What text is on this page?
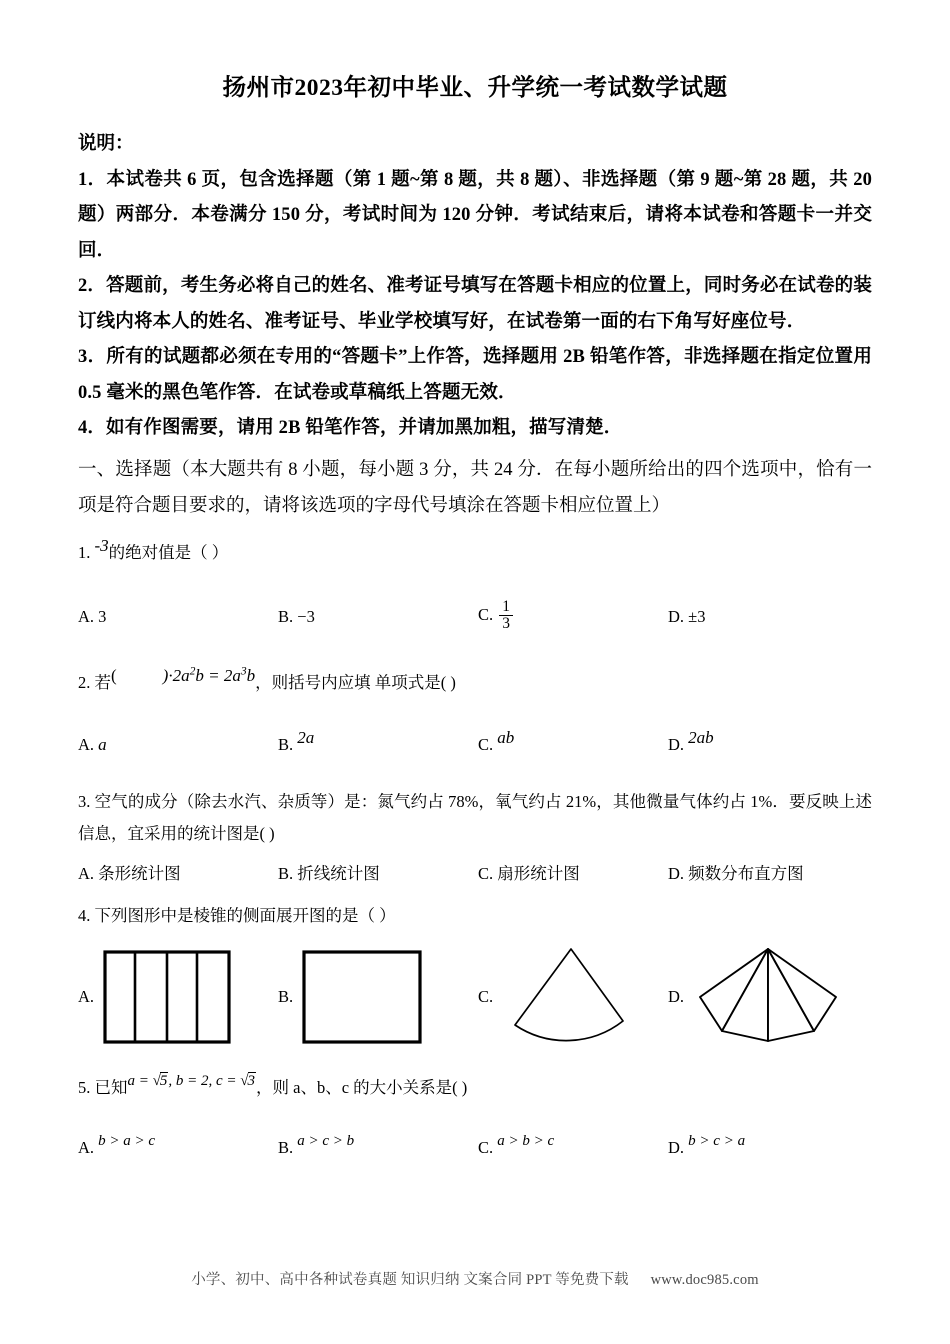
扬州市2023年初中毕业、升学统一考试数学试题
说明：
1．本试卷共 6 页，包含选择题（第 1 题~第 8 题，共 8 题）、非选择题（第 9 题~第 28 题，共 20 题）两部分．本卷满分 150 分，考试时间为 120 分钟．考试结束后，请将本试卷和答题卡一并交回．
2．答题前，考生务必将自己的姓名、准考证号填写在答题卡相应的位置上，同时务必在试卷的装订线内将本人的姓名、准考证号、毕业学校填写好，在试卷第一面的右下角写好座位号．
3．所有的试题都必须在专用的“答题卡”上作答，选择题用 2B 铅笔作答，非选择题在指定位置用 0.5 毫米的黑色笔作答．在试卷或草稿纸上答题无效．
4．如有作图需要，请用 2B 铅笔作答，并请加黑加粗，描写清楚．
一、选择题（本大题共有 8 小题，每小题 3 分，共 24 分．在每小题所给出的四个选项中，恰有一项是符合题目要求的，请将该选项的字母代号填涂在答题卡相应位置上）
1. -3的绝对值是（ ）
A. 3	B. −3	C. $\frac{1}{3}$	D. ±3
2. 若(	)$\cdot 2a^2b = 2a^3b$，则括号内应填 单项式是( )
A. a	B. 2a	C. ab	D. 2ab
3. 空气的成分（除去水汽、杂质等）是：氮气约占 78%，氧气约占 21%，其他微量气体约占 1%．要反映上述信息，宜采用的统计图是( )
A. 条形统计图	B. 折线统计图	C. 扇形统计图	D. 频数分布直方图
4. 下列图形中是棱锥的侧面展开图的是（ ）
A.	B.	C.	D.
5. 已知a = √5, b = 2, c = √3，则 a、b、c 的大小关系是( )
A. b > a > c	B. a > c > b	C. a > b > c	D. b > c > a
小学、初中、高中各种试卷真题 知识归纳 文案合同 PPT 等免费下载 www.doc985.com
